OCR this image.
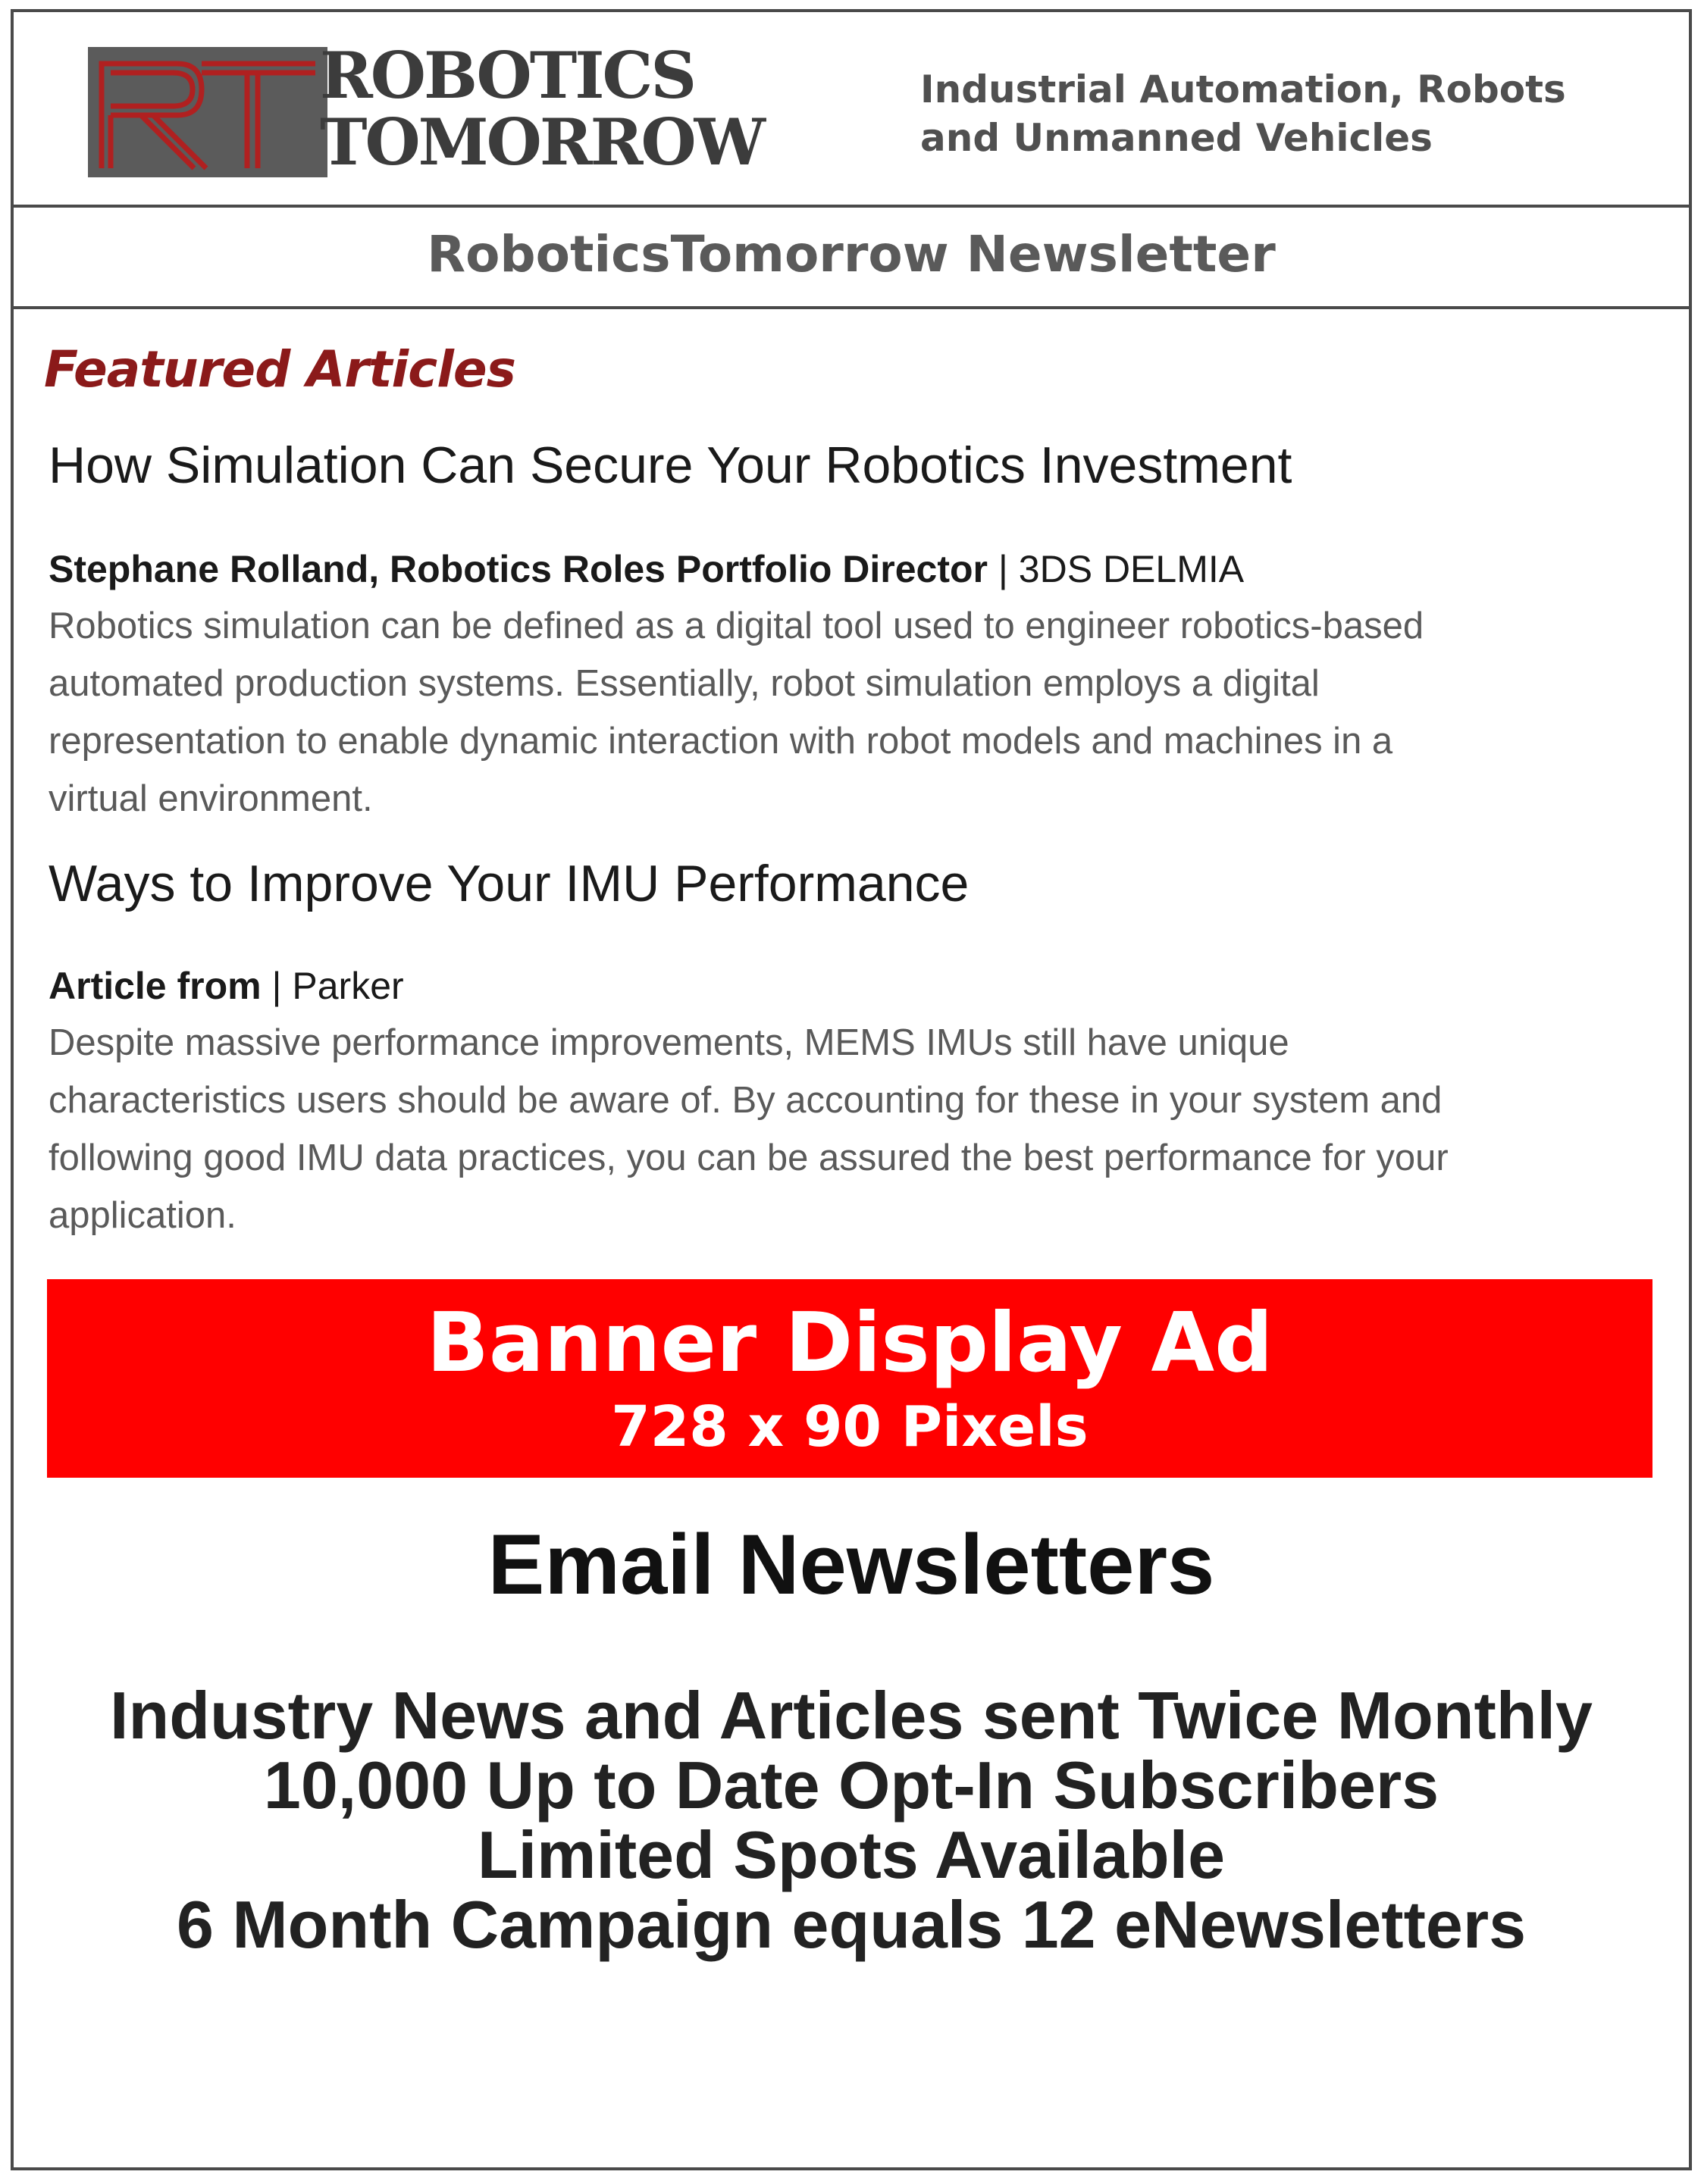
ROBOTICS
TOMORROW
Industrial Automation, Robots
and Unmanned Vehicles
RoboticsTomorrow Newsletter
Featured Articles
How Simulation Can Secure Your Robotics Investment
Stephane Rolland, Robotics Roles Portfolio Director | 3DS DELMIA
Robotics simulation can be defined as a digital tool used to engineer robotics-based
automated production systems. Essentially, robot simulation employs a digital
representation to enable dynamic interaction with robot models and machines in a
virtual environment.
Ways to Improve Your IMU Performance
Article from | Parker
Despite massive performance improvements, MEMS IMUs still have unique
characteristics users should be aware of. By accounting for these in your system and
following good IMU data practices, you can be assured the best performance for your
application.
Banner Display Ad
728 x 90 Pixels
Email Newsletters
Industry News and Articles sent Twice Monthly
10,000 Up to Date Opt-In Subscribers
Limited Spots Available
6 Month Campaign equals 12 eNewsletters
